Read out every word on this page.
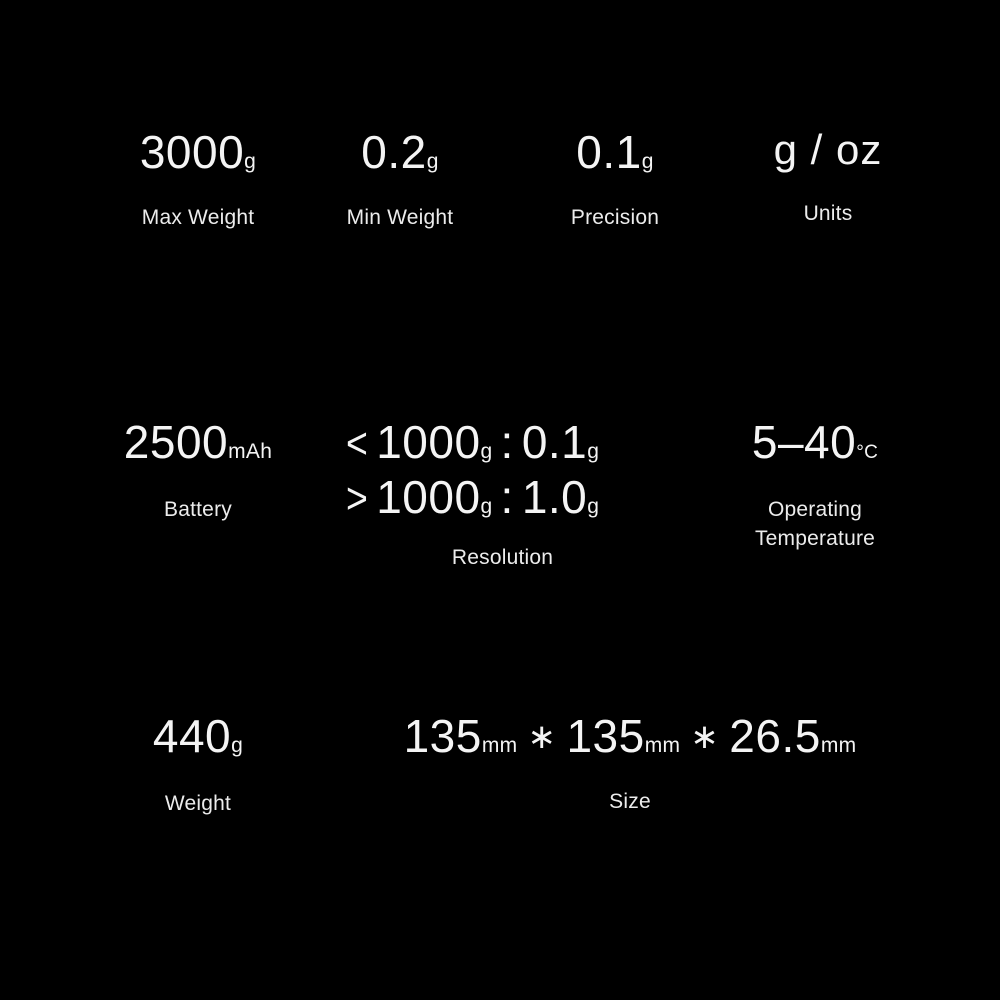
3000g
Max Weight
0.2g
Min Weight
0.1g
Precision
g / oz
Units
2500mAh
Battery
< 1000g : 0.1g
> 1000g : 1.0g
Resolution
5–40°C
Operating
Temperature
440g
Weight
135mm ∗ 135mm ∗ 26.5mm
Size
